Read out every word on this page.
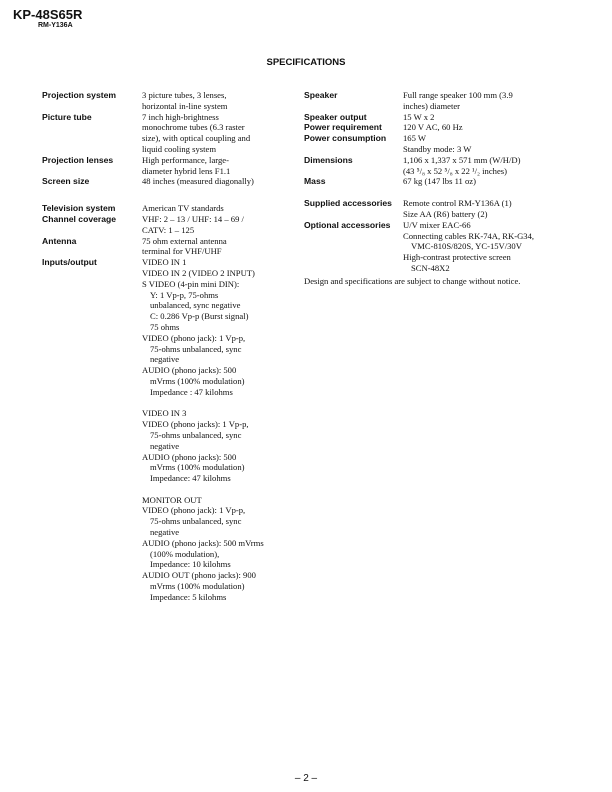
KP-48S65R
RM-Y136A
SPECIFICATIONS
Projection system	3 picture tubes, 3 lenses,
horizontal in-line system
Picture tube	7 inch high-brightness
monochrome tubes (6.3 raster
size), with optical coupling and
liquid cooling system
Projection lenses	High performance, large-
diameter hybrid lens F1.1
Screen size	48 inches (measured diagonally)
Television system	American TV standards
Channel coverage	VHF: 2 – 13 / UHF: 14 – 69 /
CATV: 1 – 125
Antenna	75 ohm external antenna
terminal for VHF/UHF
Inputs/output	VIDEO IN 1
VIDEO IN 2 (VIDEO 2 INPUT)
S VIDEO (4-pin mini DIN):
Y: 1 Vp-p, 75-ohms
unbalanced, sync negative
C: 0.286 Vp-p (Burst signal)
75 ohms
VIDEO (phono jack): 1 Vp-p,
75-ohms unbalanced, sync
negative
AUDIO (phono jacks): 500
mVrms (100% modulation)
Impedance : 47 kilohms
VIDEO IN 3
VIDEO (phono jacks): 1 Vp-p,
75-ohms unbalanced, sync
negative
AUDIO (phono jacks): 500
mVrms (100% modulation)
Impedance: 47 kilohms
MONITOR OUT
VIDEO (phono jack): 1 Vp-p,
75-ohms unbalanced, sync
negative
AUDIO (phono jacks): 500 mVrms
(100% modulation),
Impedance: 10 kilohms
AUDIO OUT (phono jacks): 900
mVrms (100% modulation)
Impedance: 5 kilohms
Speaker	Full range speaker 100 mm (3.9
inches) diameter
Speaker output	15 W x 2
Power requirement	120 V AC, 60 Hz
Power consumption	165 W
Standby mode: 3 W
Dimensions	1,106 x 1,337 x 571 mm (W/H/D)
(43 ⁵/₈ x 52 ⁵/₈ x 22 ¹/₂ inches)
Mass	67 kg (147 lbs 11 oz)
Supplied accessories	Remote control RM-Y136A (1)
Size AA (R6) battery (2)
Optional accessories	U/V mixer EAC-66
Connecting cables RK-74A, RK-G34,
VMC-810S/820S, YC-15V/30V
High-contrast protective screen
SCN-48X2
Design and specifications are subject to change without notice.
– 2 –
